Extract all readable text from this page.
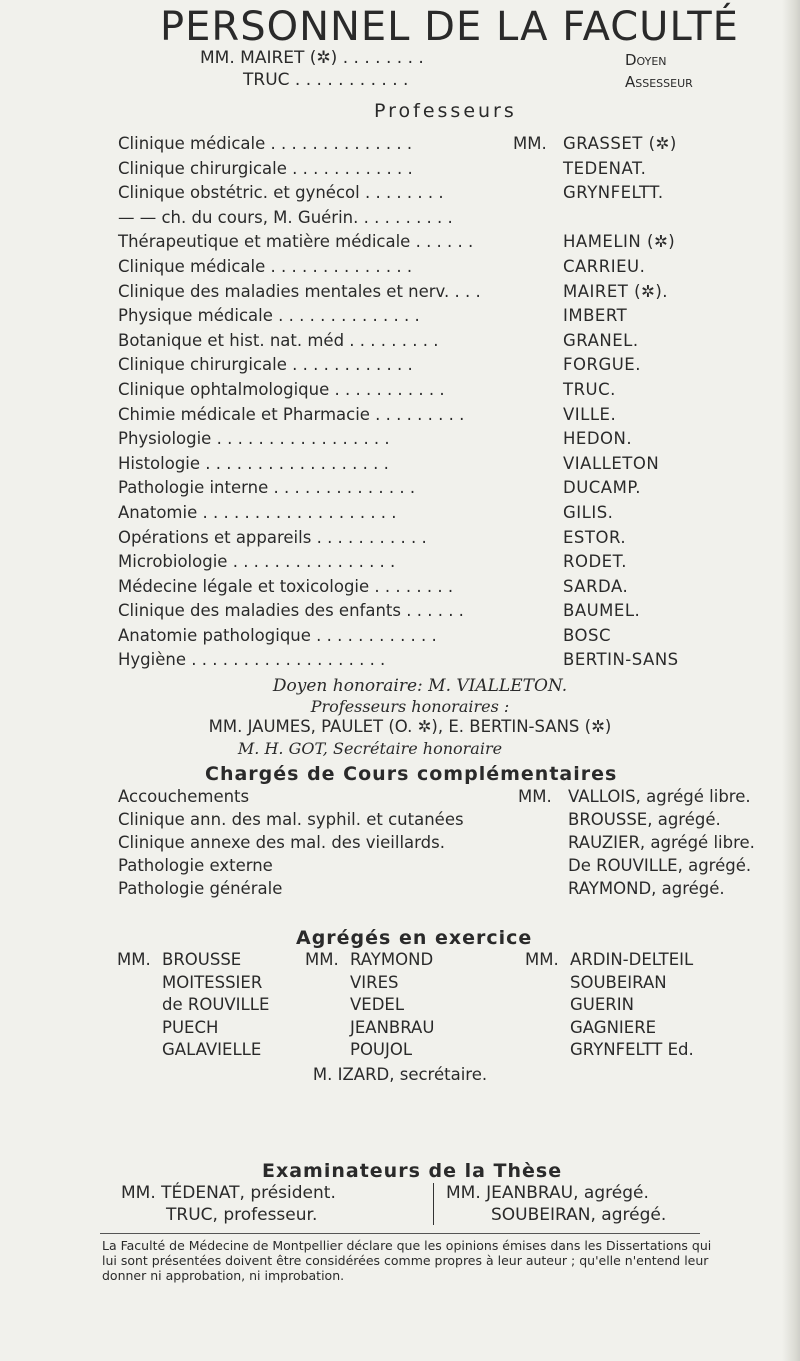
PERSONNEL DE LA FACULTÉ
MM. MAIRET (✲) . . . . . . . .	Doyen
TRUC . . . . . . . . . . .	Assesseur
Professeurs
MM.
Clinique médicale . . . . . . . . . . . . . .	GRASSET (✲)
Clinique chirurgicale . . . . . . . . . . . .	TEDENAT.
Clinique obstétric. et gynécol . . . . . . . .	GRYNFELTT.
— — ch. du cours, M. Guérin. . . . . . . . . .
Thérapeutique et matière médicale . . . . . .	HAMELIN (✲)
Clinique médicale . . . . . . . . . . . . . .	CARRIEU.
Clinique des maladies mentales et nerv. . . .	MAIRET (✲).
Physique médicale . . . . . . . . . . . . . .	IMBERT
Botanique et hist. nat. méd . . . . . . . . .	GRANEL.
Clinique chirurgicale . . . . . . . . . . . .	FORGUE.
Clinique ophtalmologique . . . . . . . . . . .	TRUC.
Chimie médicale et Pharmacie . . . . . . . . .	VILLE.
Physiologie . . . . . . . . . . . . . . . . .	HEDON.
Histologie . . . . . . . . . . . . . . . . . .	VIALLETON
Pathologie interne . . . . . . . . . . . . . .	DUCAMP.
Anatomie . . . . . . . . . . . . . . . . . . .	GILIS.
Opérations et appareils . . . . . . . . . . .	ESTOR.
Microbiologie . . . . . . . . . . . . . . . .	RODET.
Médecine légale et toxicologie . . . . . . . .	SARDA.
Clinique des maladies des enfants . . . . . .	BAUMEL.
Anatomie pathologique . . . . . . . . . . . .	BOSC
Hygiène . . . . . . . . . . . . . . . . . . .	BERTIN-SANS
Doyen honoraire: M. VIALLETON.
Professeurs honoraires :
MM. JAUMES, PAULET (O. ✲), E. BERTIN-SANS (✲)
M. H. GOT, Secrétaire honoraire
Chargés de Cours complémentaires
Accouchements	MM. VALLOIS, agrégé libre.
Clinique ann. des mal. syphil. et cutanées	BROUSSE, agrégé.
Clinique annexe des mal. des vieillards.	RAUZIER, agrégé libre.
Pathologie externe	De ROUVILLE, agrégé.
Pathologie générale	RAYMOND, agrégé.
Agrégés en exercice
MM. BROUSSE
MOITESSIER
de ROUVILLE
PUECH
GALAVIELLE
MM. RAYMOND
VIRES
VEDEL
JEANBRAU
POUJOL
MM. ARDIN-DELTEIL
SOUBEIRAN
GUERIN
GAGNIERE
GRYNFELTT Ed.
M. IZARD, secrétaire.
Examinateurs de la Thèse
MM. TÉDENAT, président.
TRUC, professeur.
MM. JEANBRAU, agrégé.
SOUBEIRAN, agrégé.
La Faculté de Médecine de Montpellier déclare que les opinions émises dans les Dissertations qui lui sont présentées doivent être considérées comme propres à leur auteur ; qu'elle n'entend leur donner ni approbation, ni improbation.
